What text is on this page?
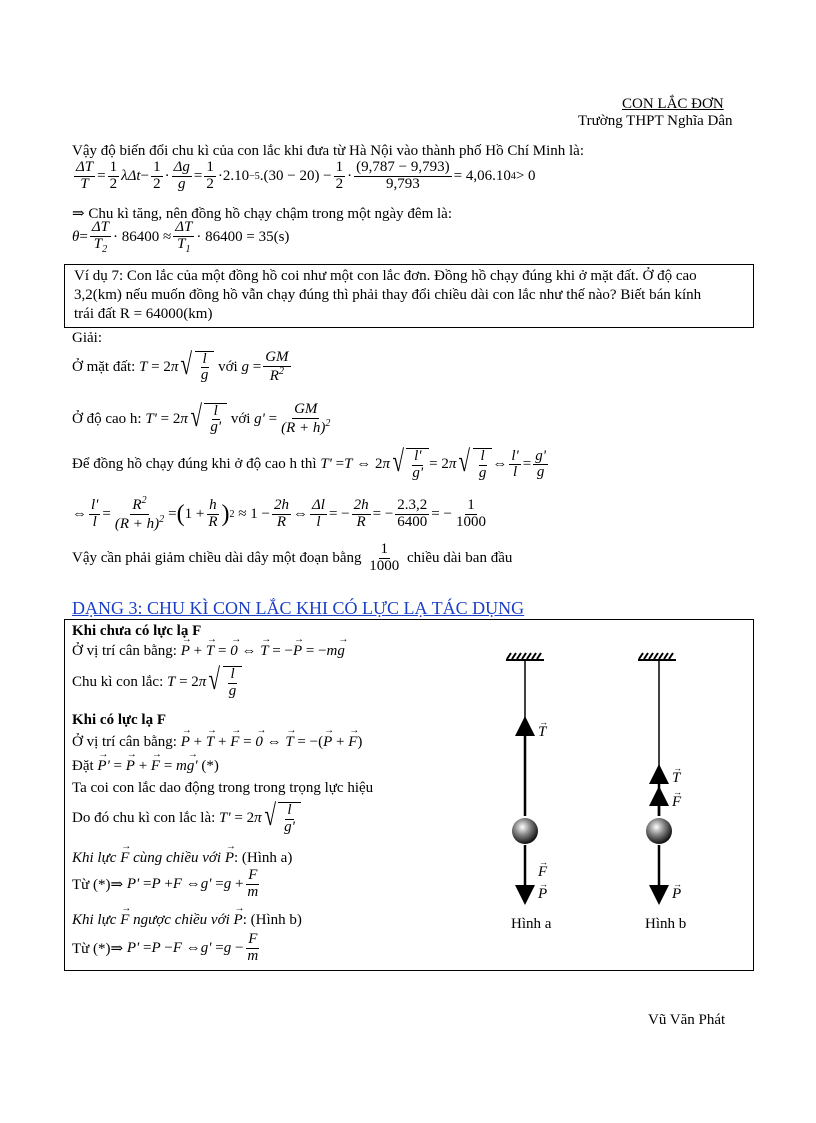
CON LẮC ĐƠN
Trường THPT Nghĩa Dân
Vậy độ biến đổi chu kì của con lắc khi đưa từ Hà Nội vào thành phố Hồ Chí Minh là:
$\frac{\Delta T}{T} = \frac{1}{2}$ $\lambda\Delta t - \frac{1}{2} \cdot \frac{\Delta g}{g} = \frac{1}{2} \cdot 2.10 -5$ $.(30 - 20) - \frac{1}{2} \cdot \frac{(9,787 - 9,793)}{9,793} = 4,06.10$ 4 > 0
⇒ Chu kì tăng, nên đồng hồ chạy chậm trong một ngày đêm là:
$\theta = \frac{\Delta T}{T_2} \cdot 86400 \approx \frac{\Delta T}{T_1} \cdot 86400 = 35(s)$
Ví dụ 7: Con lắc của một đồng hồ coi như một con lắc đơn. Đồng hồ chạy đúng khi ở mặt đất. Ở độ cao
3,2(km) nếu muốn đồng hồ vẫn chạy đúng thì phải thay đổi chiều dài con lắc như thế nào? Biết bán kính
trái đất R = 64000(km)
Giải:
Ở mặt đất:
T = 2 π √ $\frac{l}{g}$
với
$g = \frac{GM}{R^2}$
Ở độ cao h:
T' = 2 π √ $\frac{l}{g'}$
với
$g' = \frac{GM}{(R + h)^2}$
Để đồng hồ chạy đúng khi ở độ cao h thì
T' = T ⇔ 2 π √ $\frac{l'}{g'} = 2$ π √ $\frac{l}{g}$ ⇔ $\frac{l'}{l} = \frac{g'}{g}$
⇔ $\frac{l'}{l} = \frac{R^2}{(R + h)^2}$ = ( $1 + \frac{h}{R}$ ) $2 \approx 1 - \frac{2h}{R}$ ⇔ $\frac{\Delta l}{l}$ = − $\frac{2h}{R}$ = − $\frac{2.3,2}{6400}$ = − $\frac{1}{1000}$
Vậy cần phải giảm chiều dài dây một đoạn bằng
$\frac{1}{1000}$
chiều dài ban đầu
DẠNG 3: CHU KÌ CON LẮC KHI CÓ LỰC LẠ TÁC DỤNG
Khi chưa có lực lạ F
Ở vị trí cân bằng: → P + → T = → 0 ⇔ → T = −→ P = −m→ g
Chu kì con lắc:
T = 2 π √ $\frac{l}{g}$
Khi có lực lạ F
Ở vị trí cân bằng: → P + → T + → F = → 0 ⇔ → T = −(→ P + → F)
Đặt → P' = → P + → F = m→ g' (*)
Ta coi con lắc dao động trong trong trọng lực hiệu
Do đó chu kì con lắc là:
T' = 2 π √ $\frac{l}{g'}$
Khi lực → F cùng chiều với → P: (Hình a)
Từ (*)⇒
P' = P + F ⇔ $g' = g + \frac{F}{m}$
Khi lực → F ngược chiều với → P: (Hình b)
Từ (*)⇒
P' = P − F ⇔ $g' = g - \frac{F}{m}$
T
→
F
→
P
→
T
→
F
→
P
→
Hình a	Hình b
Vũ Văn Phát
